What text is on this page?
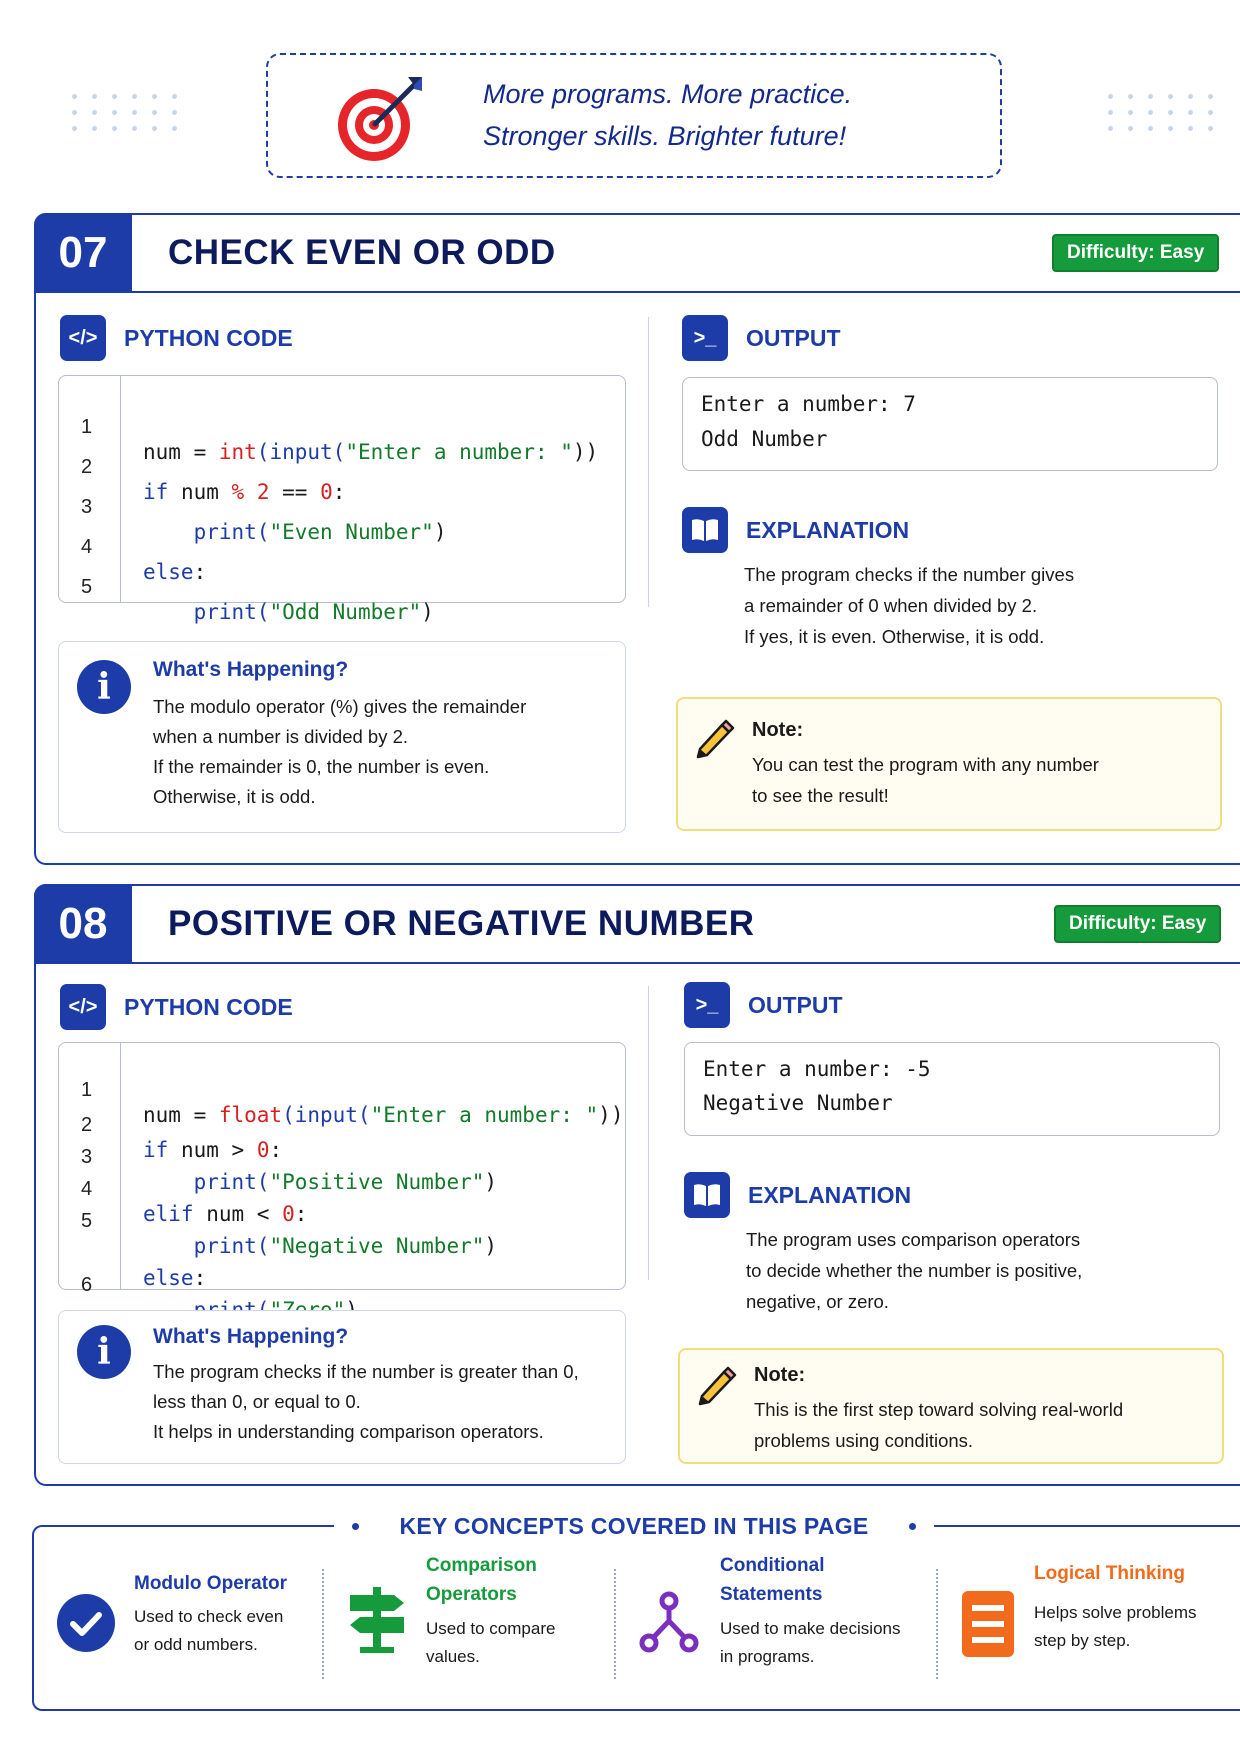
More programs. More practice.
Stronger skills. Brighter future!
07	CHECK EVEN OR ODD	Difficulty: Easy
</>	PYTHON CODE

1

num = int(input("Enter a number: "))

2

if num % 2 == 0:

3

print("Even Number")

4

else:

5

print("Odd Number")

i	What's Happening?
The modulo operator (%) gives the remainder
when a number is divided by 2.
If the remainder is 0, the number is even.
Otherwise, it is odd.
>_	OUTPUT
Enter a number: 7
Odd Number
EXPLANATION
The program checks if the number gives
a remainder of 0 when divided by 2.
If yes, it is even. Otherwise, it is odd.
Note:
You can test the program with any number
to see the result!
08	POSITIVE OR NEGATIVE NUMBER	Difficulty: Easy
</>	PYTHON CODE

1

num = float(input("Enter a number: "))

2

if num > 0:

3

print("Positive Number")

4

elif num < 0:

5

print("Negative Number")

else:

6

i	What's Happening?
The program checks if the number is greater than 0,
less than 0, or equal to 0.
It helps in understanding comparison operators.
>_	OUTPUT
Enter a number: -5
Negative Number
EXPLANATION
The program uses comparison operators
to decide whether the number is positive,
negative, or zero.
Note:
This is the first step toward solving real-world
problems using conditions.
KEY CONCEPTS COVERED IN THIS PAGE
Modulo Operator
Used to check even
or odd numbers.
Comparison
Operators
Used to compare
values.
Conditional
Statements
Used to make decisions
in programs.
Logical Thinking
Helps solve problems
step by step.
